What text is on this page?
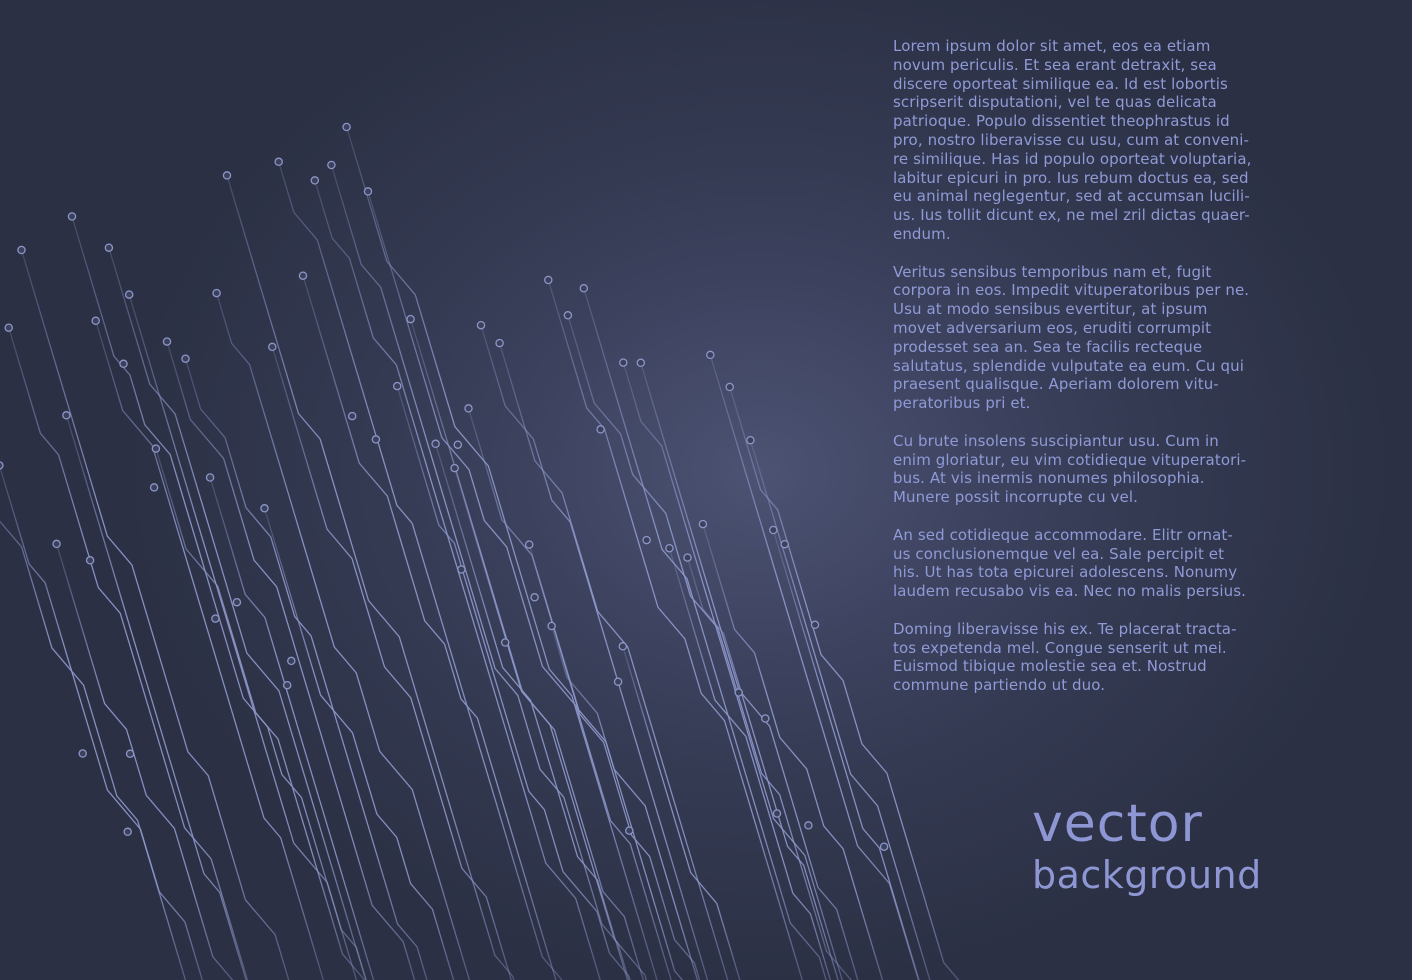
Lorem ipsum dolor sit amet, eos ea etiam
novum periculis. Et sea erant detraxit, sea
discere oporteat similique ea. Id est lobortis
scripserit disputationi, vel te quas delicata
patrioque. Populo dissentiet theophrastus id
pro, nostro liberavisse cu usu, cum at conveni-
re similique. Has id populo oporteat voluptaria,
labitur epicuri in pro. Ius rebum doctus ea, sed
eu animal neglegentur, sed at accumsan lucili-
us. Ius tollit dicunt ex, ne mel zril dictas quaer-
endum.

Veritus sensibus temporibus nam et, fugit
corpora in eos. Impedit vituperatoribus per ne.
Usu at modo sensibus evertitur, at ipsum
movet adversarium eos, eruditi corrumpit
prodesset sea an. Sea te facilis recteque
salutatus, splendide vulputate ea eum. Cu qui
praesent qualisque. Aperiam dolorem vitu-
peratoribus pri et.

Cu brute insolens suscipiantur usu. Cum in
enim gloriatur, eu vim cotidieque vituperatori-
bus. At vis inermis nonumes philosophia.
Munere possit incorrupte cu vel.

An sed cotidieque accommodare. Elitr ornat-
us conclusionemque vel ea. Sale percipit et
his. Ut has tota epicurei adolescens. Nonumy
laudem recusabo vis ea. Nec no malis persius.

Doming liberavisse his ex. Te placerat tracta-
tos expetenda mel. Congue senserit ut mei.
Euismod tibique molestie sea et. Nostrud
commune partiendo ut duo.

vector
background
